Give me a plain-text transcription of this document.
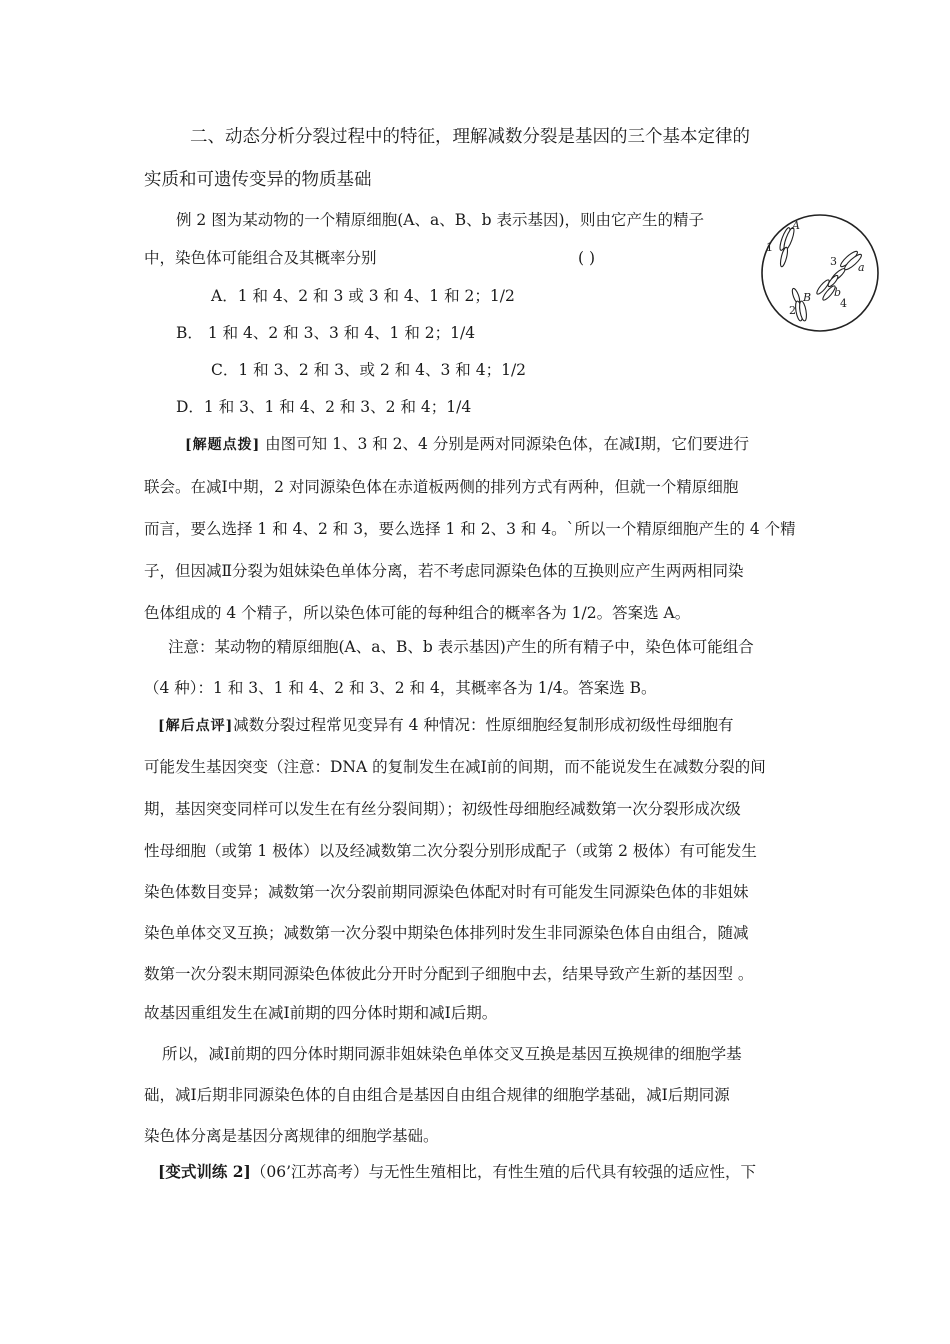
二、动态分析分裂过程中的特征，理解减数分裂是基因的三个基本定律的
实质和可遗传变异的物质基础
例 2 图为某动物的一个精原细胞(A、a、B、b 表示基因)，则由它产生的精子
中，染色体可能组合及其概率分别	( )
A．1 和 4、2 和 3 或 3 和 4、1 和 2；1/2
B． 1 和 4、2 和 3、3 和 4、1 和 2；1/4
C．1 和 3、2 和 3、或 2 和 4、3 和 4；1/2
D．1 和 3、1 和 4、2 和 3、2 和 4；1/4
1
A
3 a
B b
2
4
[解题点拨] 由图可知 1、3 和 2、4 分别是两对同源染色体，在减Ⅰ期，它们要进行
联会。在减Ⅰ中期，2 对同源染色体在赤道板两侧的排列方式有两种，但就一个精原细胞
而言，要么选择 1 和 4、2 和 3，要么选择 1 和 2、3 和 4。`所以一个精原细胞产生的 4 个精
子，但因减Ⅱ分裂为姐妹染色单体分离，若不考虑同源染色体的互换则应产生两两相同染
色体组成的 4 个精子，所以染色体可能的每种组合的概率各为 1/2。答案选 A。
注意：某动物的精原细胞(A、a、B、b 表示基因)产生的所有精子中，染色体可能组合
（4 种）：1 和 3、1 和 4、2 和 3、2 和 4，其概率各为 1/4。答案选 B。
[解后点评]减数分裂过程常见变异有 4 种情况：性原细胞经复制形成初级性母细胞有
可能发生基因突变（注意：DNA 的复制发生在减Ⅰ前的间期，而不能说发生在减数分裂的间
期，基因突变同样可以发生在有丝分裂间期）；初级性母细胞经减数第一次分裂形成次级
性母细胞（或第 1 极体）以及经减数第二次分裂分别形成配子（或第 2 极体）有可能发生
染色体数目变异；减数第一次分裂前期同源染色体配对时有可能发生同源染色体的非姐妹
染色单体交叉互换；减数第一次分裂中期染色体排列时发生非同源染色体自由组合，随减
数第一次分裂末期同源染色体彼此分开时分配到子细胞中去，结果导致产生新的基因型 。
故基因重组发生在减Ⅰ前期的四分体时期和减Ⅰ后期。
所以，减Ⅰ前期的四分体时期同源非姐妹染色单体交叉互换是基因互换规律的细胞学基
础，减Ⅰ后期非同源染色体的自由组合是基因自由组合规律的细胞学基础，减Ⅰ后期同源
染色体分离是基因分离规律的细胞学基础。
[变式训练 2]（06’江苏高考）与无性生殖相比，有性生殖的后代具有较强的适应性，下
